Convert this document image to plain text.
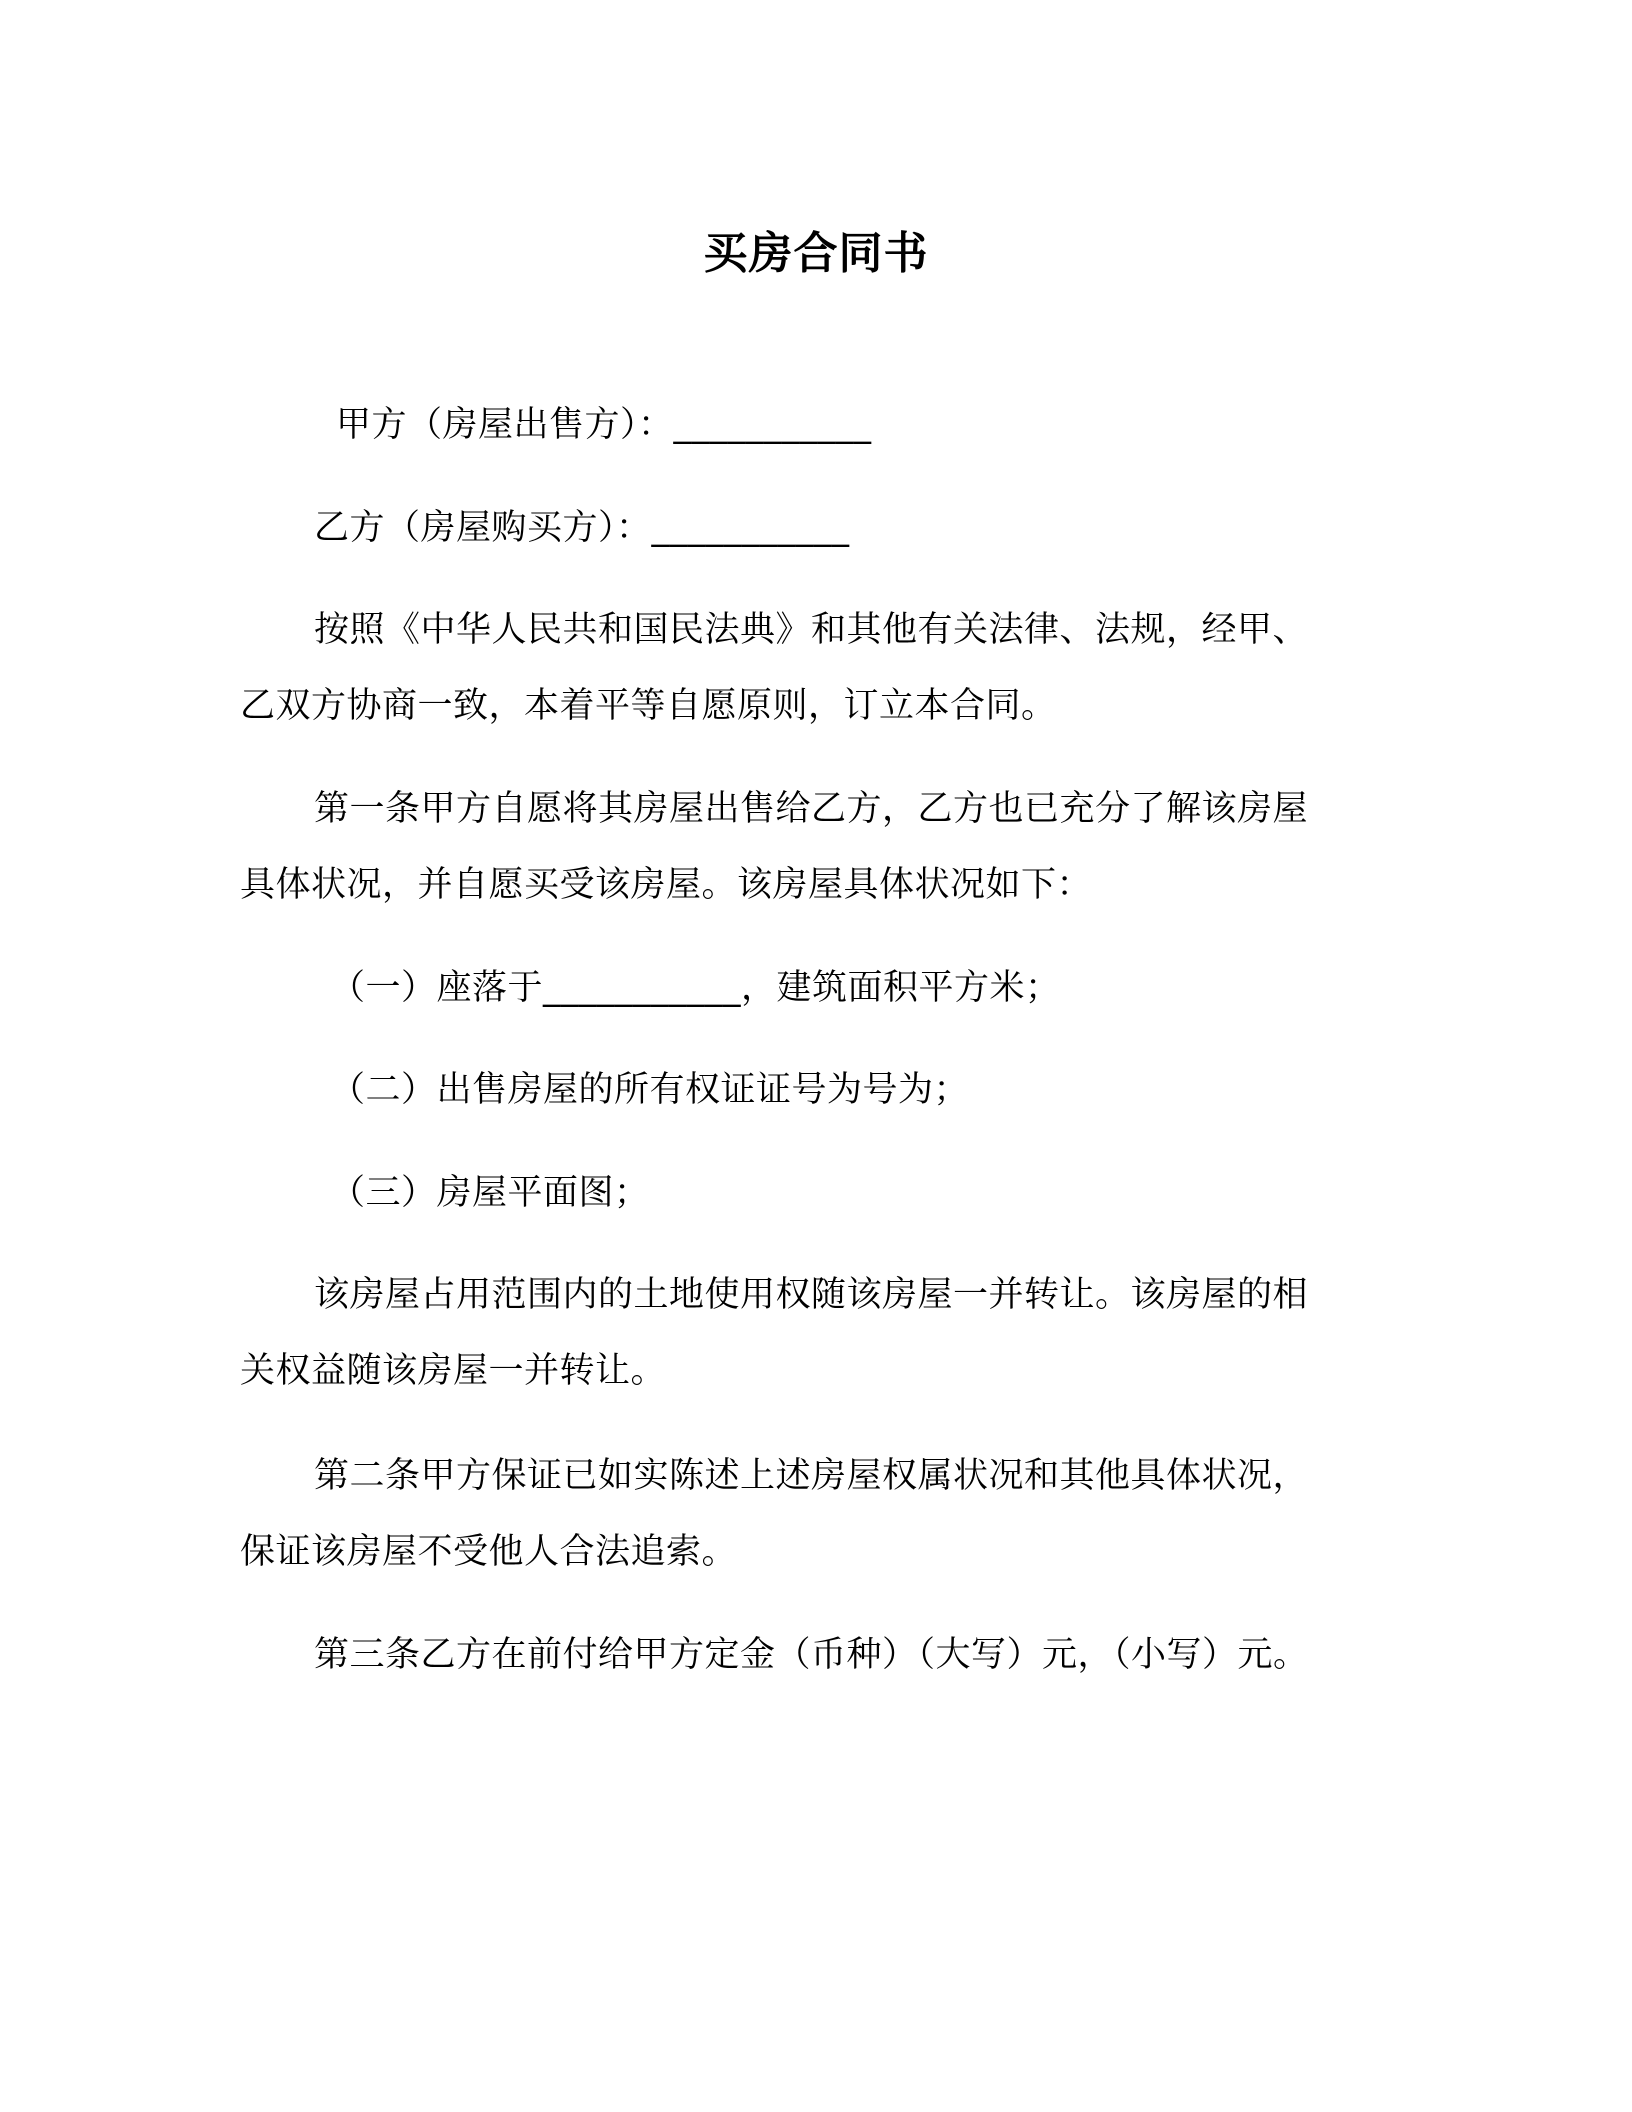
买房合同书
甲方（房屋出售方）：___________
乙方（房屋购买方）：___________
按照《中华人民共和国民法典》和其他有关法律、法规，经甲、
乙双方协商一致，本着平等自愿原则，订立本合同。
第一条甲方自愿将其房屋出售给乙方，乙方也已充分了解该房屋
具体状况，并自愿买受该房屋。该房屋具体状况如下：
（一）座落于___________，建筑面积平方米；
（二）出售房屋的所有权证证号为号为；
（三）房屋平面图；
该房屋占用范围内的土地使用权随该房屋一并转让。该房屋的相
关权益随该房屋一并转让。
第二条甲方保证已如实陈述上述房屋权属状况和其他具体状况，
保证该房屋不受他人合法追索。
第三条乙方在前付给甲方定金（币种）（大写）元，（小写）元。
